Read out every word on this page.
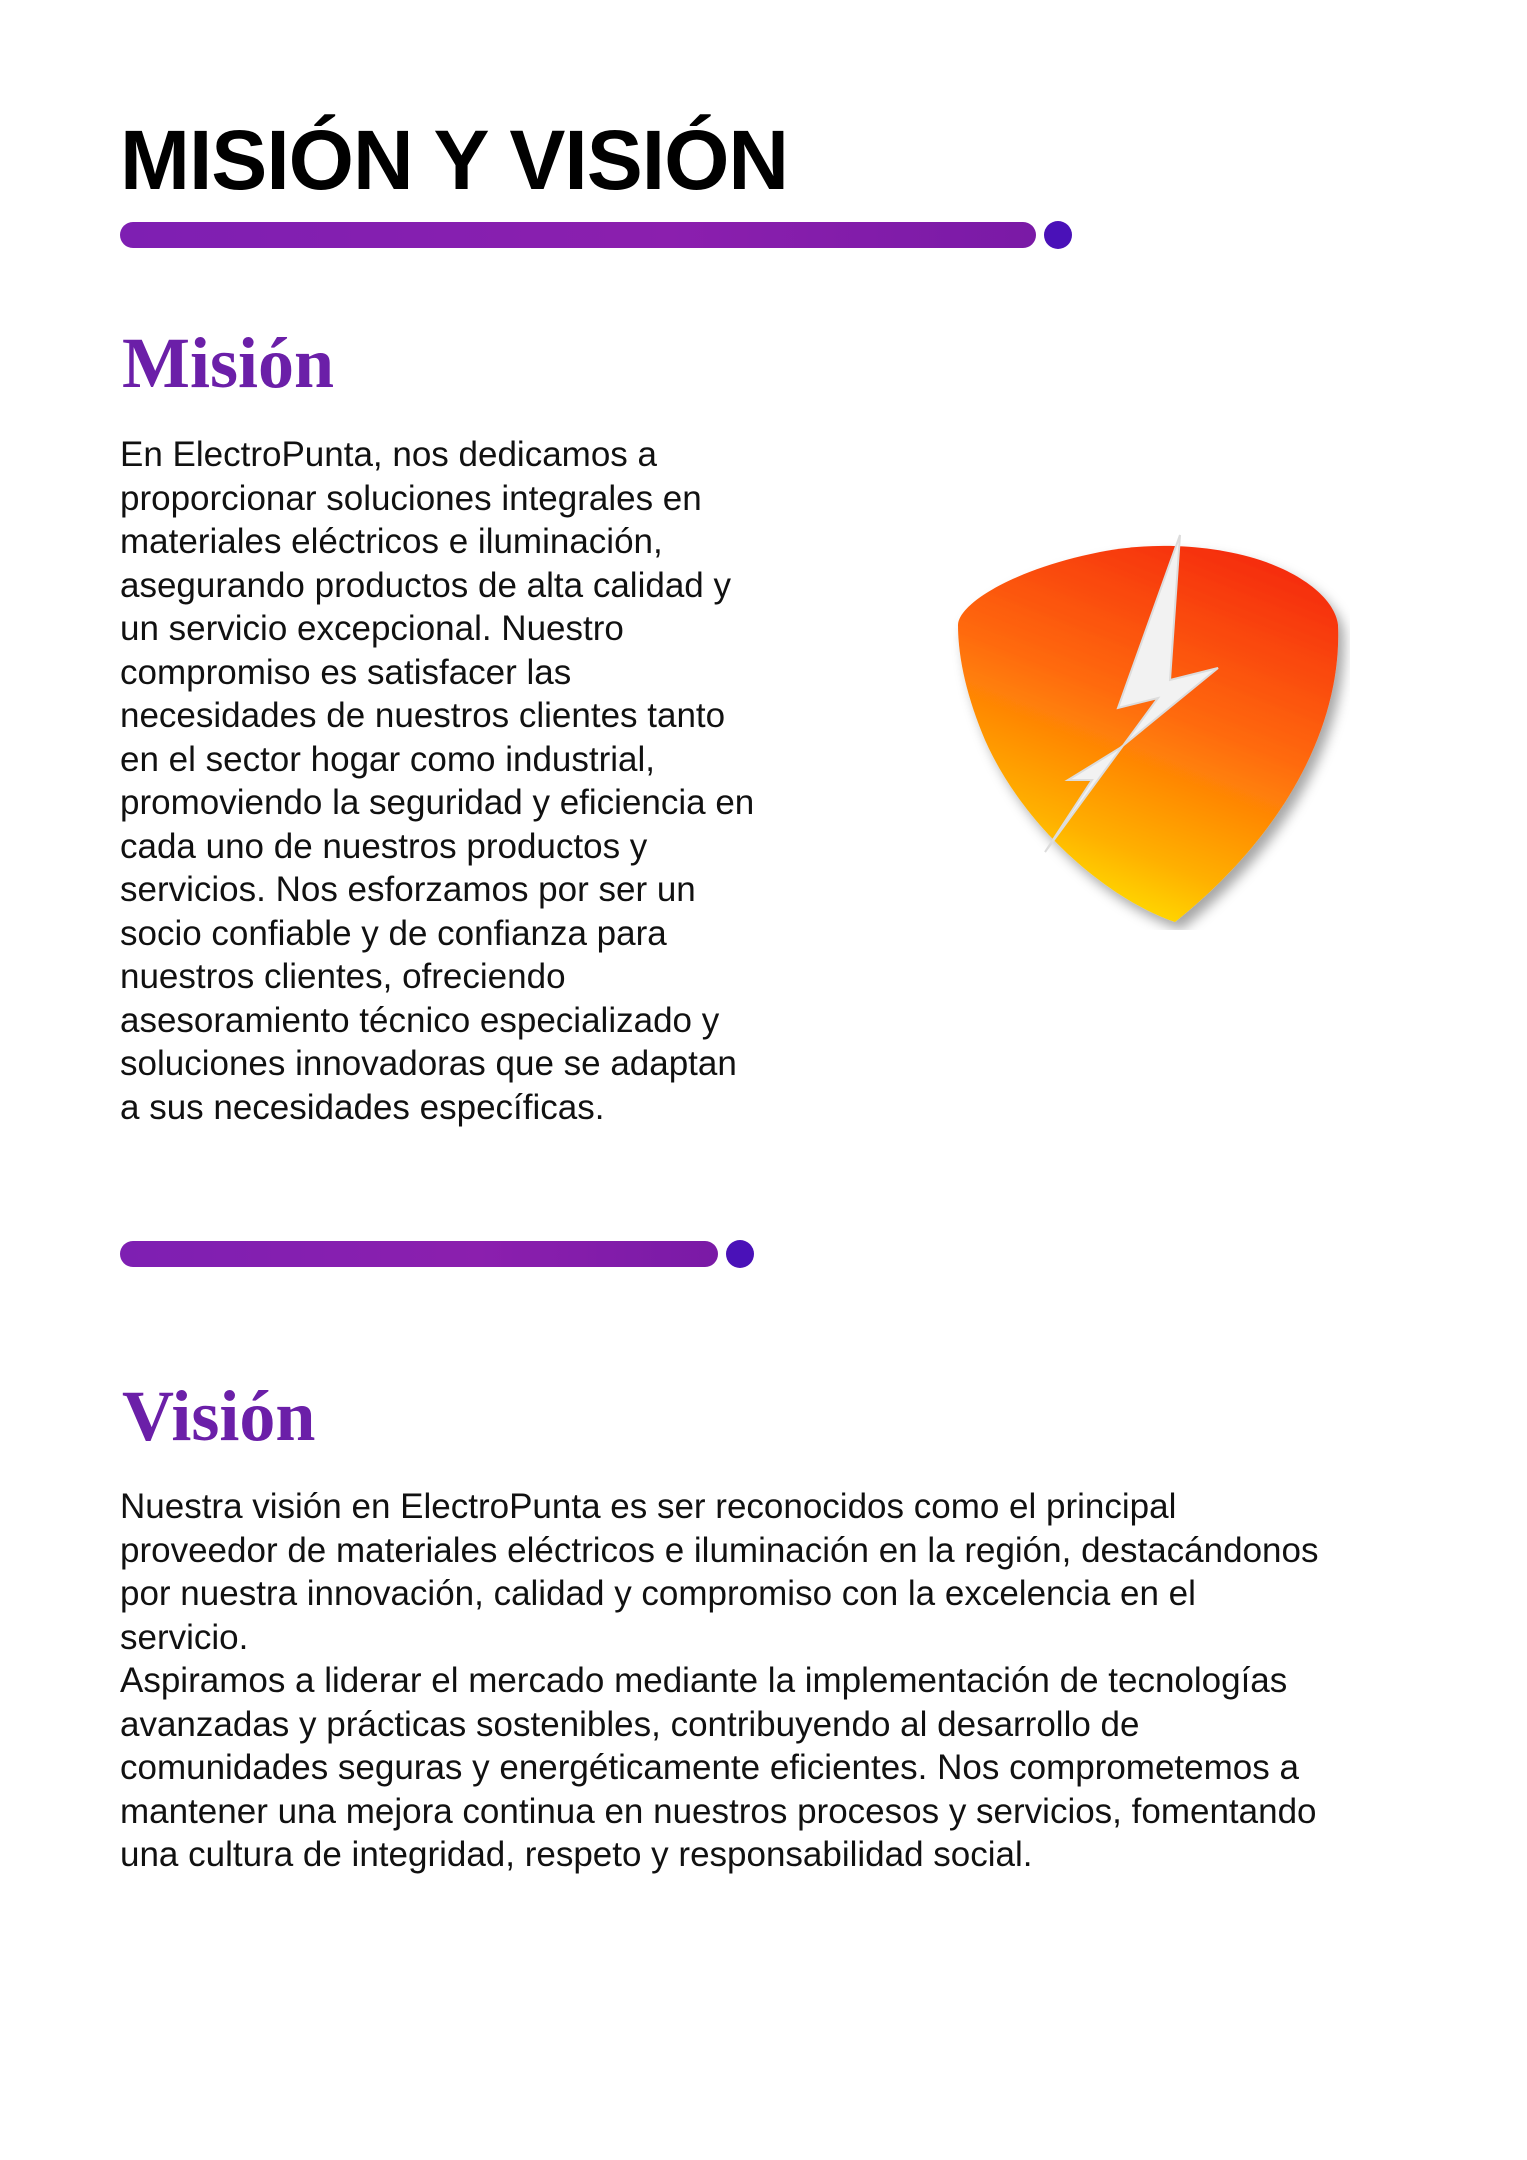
MISIÓN Y VISIÓN
Misión

En ElectroPunta, nos dedicamos a proporcionar soluciones integrales en materiales eléctricos e iluminación, asegurando productos de alta calidad y un servicio excepcional. Nuestro compromiso es satisfacer las necesidades de nuestros clientes tanto en el sector hogar como industrial, promoviendo la seguridad y eficiencia en cada uno de nuestros productos y servicios. Nos esforzamos por ser un socio confiable y de confianza para nuestros clientes, ofreciendo asesoramiento técnico especializado y soluciones innovadoras que se adaptan a sus necesidades específicas.

Visión

Nuestra visión en ElectroPunta es ser reconocidos como el principal proveedor de materiales eléctricos e iluminación en la región, destacándonos por nuestra innovación, calidad y compromiso con la excelencia en el servicio.

Aspiramos a liderar el mercado mediante la implementación de tecnologías avanzadas y prácticas sostenibles, contribuyendo al desarrollo de comunidades seguras y energéticamente eficientes. Nos comprometemos a mantener una mejora continua en nuestros procesos y servicios, fomentando una cultura de integridad, respeto y responsabilidad social.
